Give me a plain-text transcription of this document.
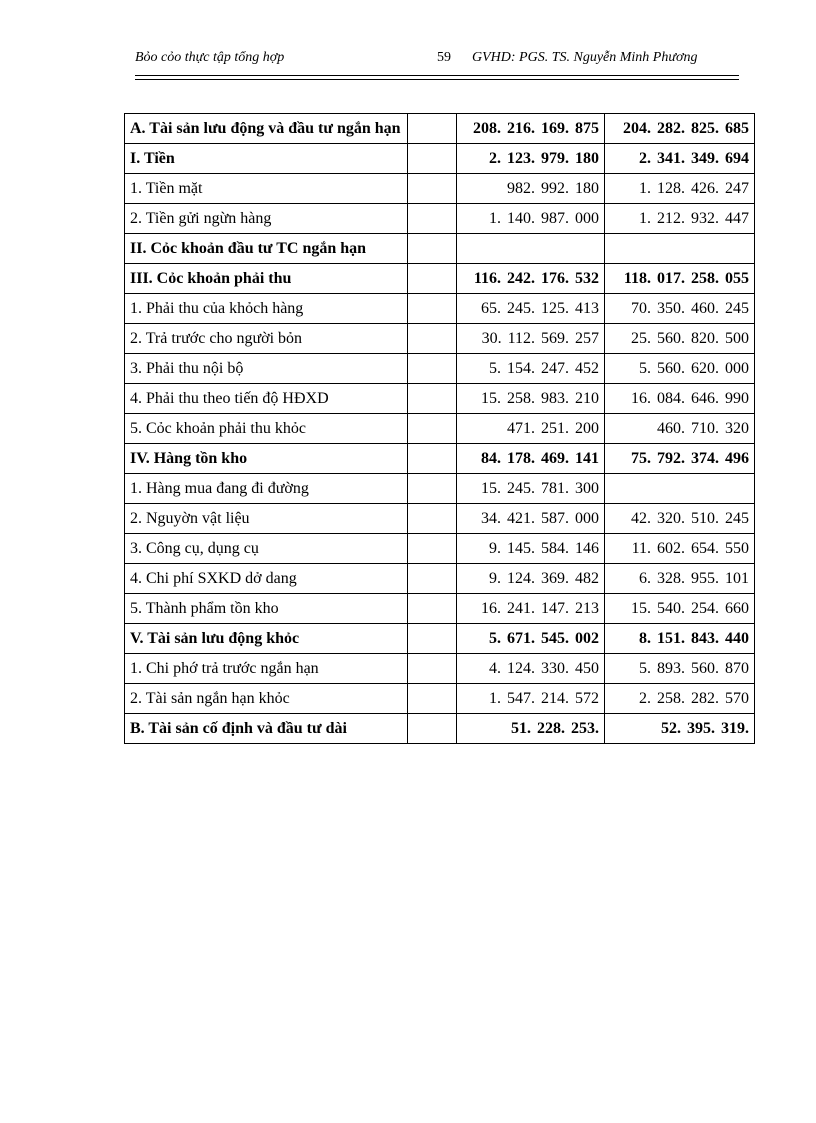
Bỏo cỏo thực tập tổng hợp	59 GVHD: PGS. TS. Nguyễn Minh Phương
A. Tài sản lưu động và đầu tư ngắn hạn		208. 216. 169. 875	204. 282. 825. 685
I. Tiền		2. 123. 979. 180	2. 341. 349. 694
1. Tiền mặt		982. 992. 180	1. 128. 426. 247
2. Tiền gửi ngừn hàng		1. 140. 987. 000	1. 212. 932. 447
II. Cỏc khoản đầu tư TC ngắn hạn			
III. Cỏc khoản phải thu		116. 242. 176. 532	118. 017. 258. 055
1. Phải thu của khỏch hàng		65. 245. 125. 413	70. 350. 460. 245
2. Trả trước cho người bỏn		30. 112. 569. 257	25. 560. 820. 500
3. Phải thu nội bộ		5. 154. 247. 452	5. 560. 620. 000
4. Phải thu theo tiến độ HĐXD		15. 258. 983. 210	16. 084. 646. 990
5. Cỏc khoản phải thu khỏc		471. 251. 200	460. 710. 320
IV. Hàng tồn kho		84. 178. 469. 141	75. 792. 374. 496
1. Hàng mua đang đi đường		15. 245. 781. 300	
2. Nguyờn vật liệu		34. 421. 587. 000	42. 320. 510. 245
3. Công cụ, dụng cụ		9. 145. 584. 146	11. 602. 654. 550
4. Chi phí SXKD dở dang		9. 124. 369. 482	6. 328. 955. 101
5. Thành phẩm tồn kho		16. 241. 147. 213	15. 540. 254. 660
V. Tài sản lưu động khỏc		5. 671. 545. 002	8. 151. 843. 440
1. Chi phớ trả trước ngắn hạn		4. 124. 330. 450	5. 893. 560. 870
2. Tài sản ngắn hạn khỏc		1. 547. 214. 572	2. 258. 282. 570
B. Tài sản cố định và đầu tư dài		51. 228. 253.	52. 395. 319.
